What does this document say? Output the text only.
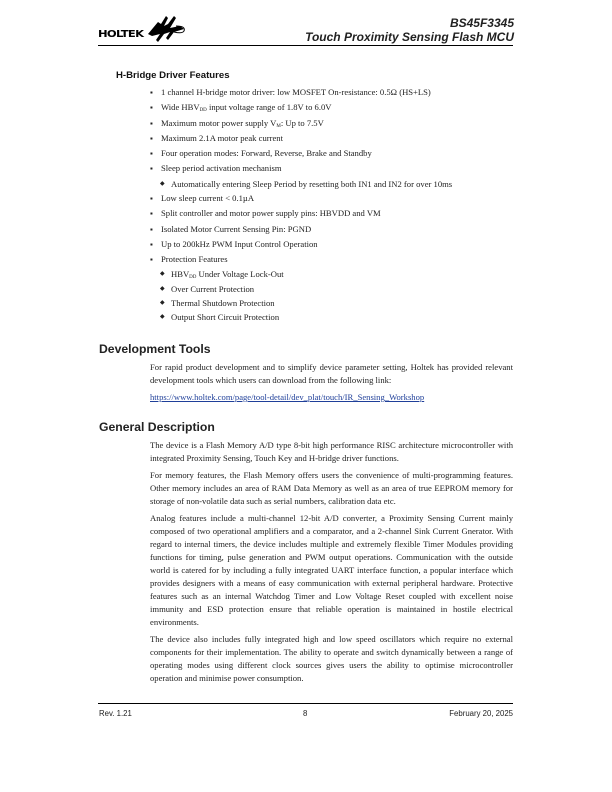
HOLTEK
BS45F3345
Touch Proximity Sensing Flash MCU
H-Bridge Driver Features
▪ 1 channel H-bridge motor driver: low MOSFET On-resistance: 0.5Ω (HS+LS)
▪ Wide $HBV_{DD}$ input voltage range of 1.8V to 6.0V
▪ Maximum motor power supply $V_M$: Up to 7.5V
▪ Maximum 2.1A motor peak current
▪ Four operation modes: Forward, Reverse, Brake and Standby
▪ Sleep period activation mechanism
◆ Automatically entering Sleep Period by resetting both IN1 and IN2 for over 10ms
▪ Low sleep current < 0.1µA
▪ Split controller and motor power supply pins: HBVDD and VM
▪ Isolated Motor Current Sensing Pin: PGND
▪ Up to 200kHz PWM Input Control Operation
▪ Protection Features
◆ $HBV_{DD}$ Under Voltage Lock-Out
◆ Over Current Protection
◆ Thermal Shutdown Protection
◆ Output Short Circuit Protection
Development Tools

For rapid product development and to simplify device parameter setting, Holtek has provided relevant development tools which users can download from the following link:

https://www.holtek.com/page/tool-detail/dev_plat/touch/IR_Sensing_Workshop
General Description

The device is a Flash Memory A/D type 8-bit high performance RISC architecture microcontroller with integrated Proximity Sensing, Touch Key and H-bridge driver functions.

For memory features, the Flash Memory offers users the convenience of multi-programming features. Other memory includes an area of RAM Data Memory as well as an area of true EEPROM memory for storage of non-volatile data such as serial numbers, calibration data etc.

Analog features include a multi-channel 12-bit A/D converter, a Proximity Sensing Current mainly composed of two operational amplifiers and a comparator, and a 2-channel Sink Current Gnerator. With regard to internal timers, the device includes multiple and extremely flexible Timer Modules providing functions for timing, pulse generation and PWM output operations. Communication with the outside world is catered for by including a fully integrated UART interface function, a popular interface which provides designers with a means of easy communication with external peripheral hardware. Protective features such as an internal Watchdog Timer and Low Voltage Reset coupled with excellent noise immunity and ESD protection ensure that reliable operation is maintained in hostile electrical environments.

The device also includes fully integrated high and low speed oscillators which require no external components for their implementation. The ability to operate and switch dynamically between a range of operating modes using different clock sources gives users the ability to optimise microcontroller operation and minimise power consumption.

Rev. 1.21	8	February 20, 2025
